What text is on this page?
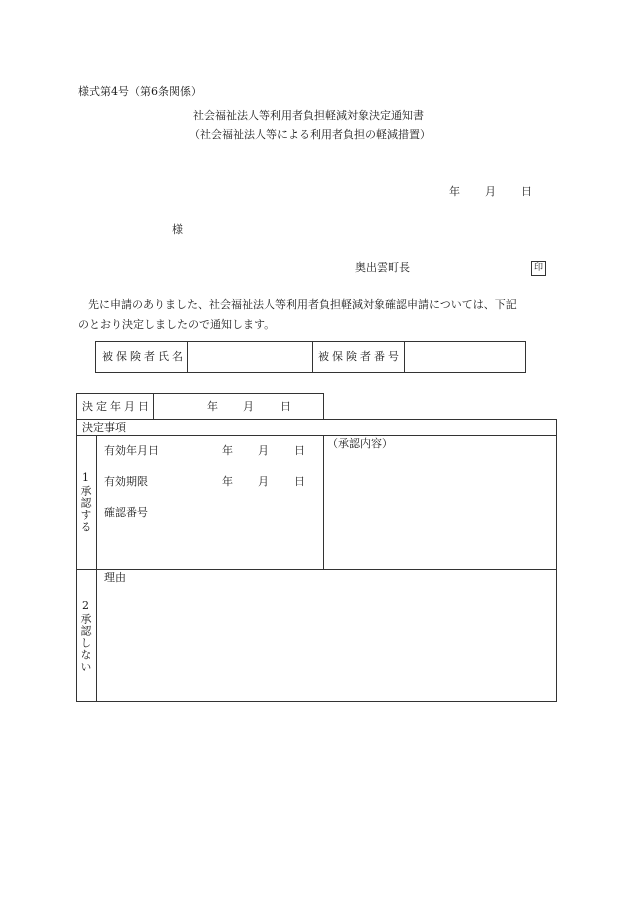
様式第4号（第6条関係）
社会福祉法人等利用者負担軽減対象決定通知書
（社会福祉法人等による利用者負担の軽減措置）
年 月 日
様
奥出雲町長	印
先に申請のありました、社会福祉法人等利用者負担軽減対象確認申請については、下記
のとおり決定しましたので通知します。
被保険者氏名	被保険者番号
決定年月日	年 月 日
決定事項
1承認する
有効年月日	年 月 日
有効期限	年 月 日
確認番号
（承認内容）
2承認しない
理由
